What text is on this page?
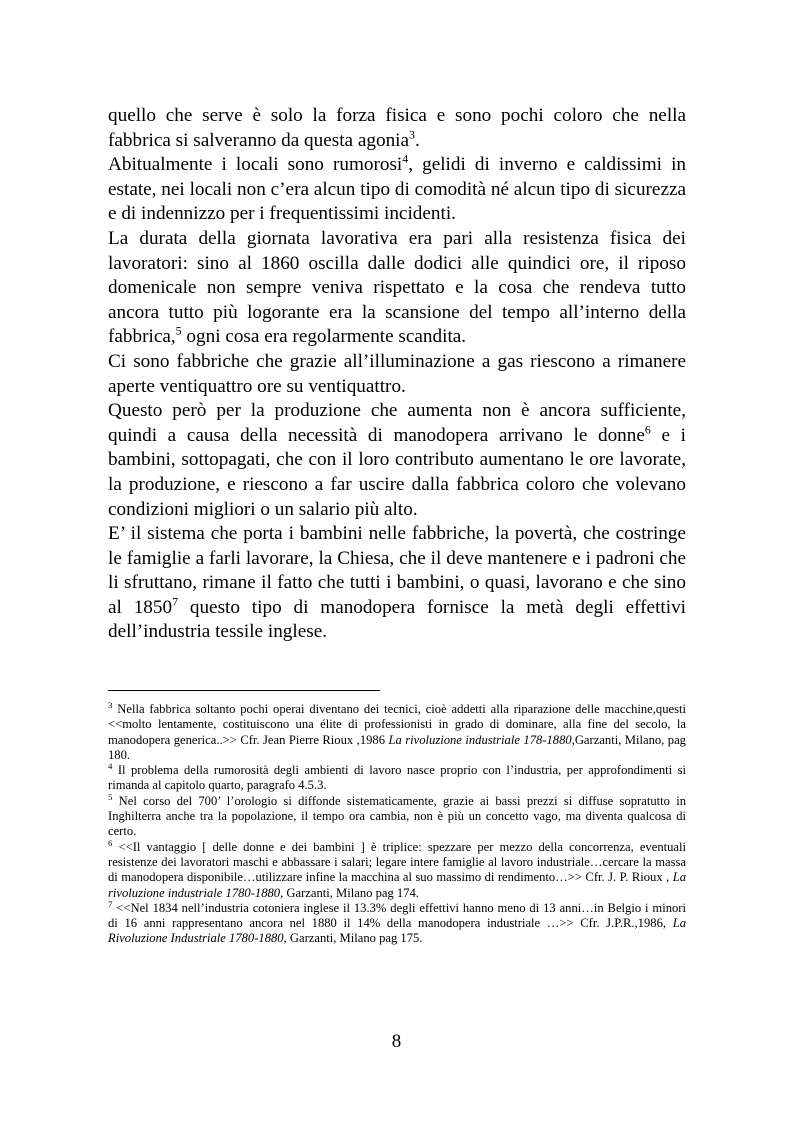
quello che serve è solo la forza fisica e sono pochi coloro che nella fabbrica si salveranno da questa agonia$^3$.

Abitualmente i locali sono rumorosi$^4$, gelidi di inverno e caldissimi in estate, nei locali non c’era alcun tipo di comodità né alcun tipo di sicurezza e di indennizzo per i frequentissimi incidenti.

La durata della giornata lavorativa era pari alla resistenza fisica dei lavoratori: sino al 1860 oscilla dalle dodici alle quindici ore, il riposo domenicale non sempre veniva rispettato e la cosa che rendeva tutto ancora tutto più logorante era la scansione del tempo all’interno della fabbrica,$^5$ ogni cosa era regolarmente scandita.

Ci sono fabbriche che grazie all’illuminazione a gas riescono a rimanere aperte ventiquattro ore su ventiquattro.

Questo però per la produzione che aumenta non è ancora sufficiente, quindi a causa della necessità di manodopera arrivano le donne$^6$ e i bambini, sottopagati, che con il loro contributo aumentano le ore lavorate, la produzione, e riescono a far uscire dalla fabbrica coloro che volevano condizioni migliori o un salario più alto.

E’ il sistema che porta i bambini nelle fabbriche, la povertà, che costringe le famiglie a farli lavorare, la Chiesa, che il deve mantenere e i padroni che li sfruttano, rimane il fatto che tutti i bambini, o quasi, lavorano e che sino al 1850$^7$ questo tipo di manodopera fornisce la metà degli effettivi dell’industria tessile inglese.

$^3$ Nella fabbrica soltanto pochi operai diventano dei tecnici, cioè addetti alla riparazione delle macchine,questi <<molto lentamente, costituiscono una élite di professionisti in grado di dominare, alla fine del secolo, la manodopera generica..>> Cfr. Jean Pierre Rioux ,1986 La rivoluzione industriale 178-1880,Garzanti, Milano, pag 180.

$^4$ Il problema della rumorosità degli ambienti di lavoro nasce proprio con l’industria, per approfondimenti si rimanda al capitolo quarto, paragrafo 4.5.3.

$^5$ Nel corso del 700’ l’orologio si diffonde sistematicamente, grazie ai bassi prezzi si diffuse sopratutto in Inghilterra anche tra la popolazione, il tempo ora cambia, non è più un concetto vago, ma diventa qualcosa di certo.

$^6$ <<Il vantaggio [ delle donne e dei bambini ] è triplice: spezzare per mezzo della concorrenza, eventuali resistenze dei lavoratori maschi e abbassare i salari; legare intere famiglie al lavoro industriale…cercare la massa di manodopera disponibile…utilizzare infine la macchina al suo massimo di rendimento…>> Cfr. J. P. Rioux , La rivoluzione industriale 1780-1880, Garzanti, Milano pag 174.

$^7$ <<Nel 1834 nell’industria cotoniera inglese il 13.3% degli effettivi hanno meno di 13 anni…in Belgio i minori di 16 anni rappresentano ancora nel 1880 il 14% della manodopera industriale …>> Cfr. J.P.R.,1986, La Rivoluzione Industriale 1780-1880, Garzanti, Milano pag 175.

8
